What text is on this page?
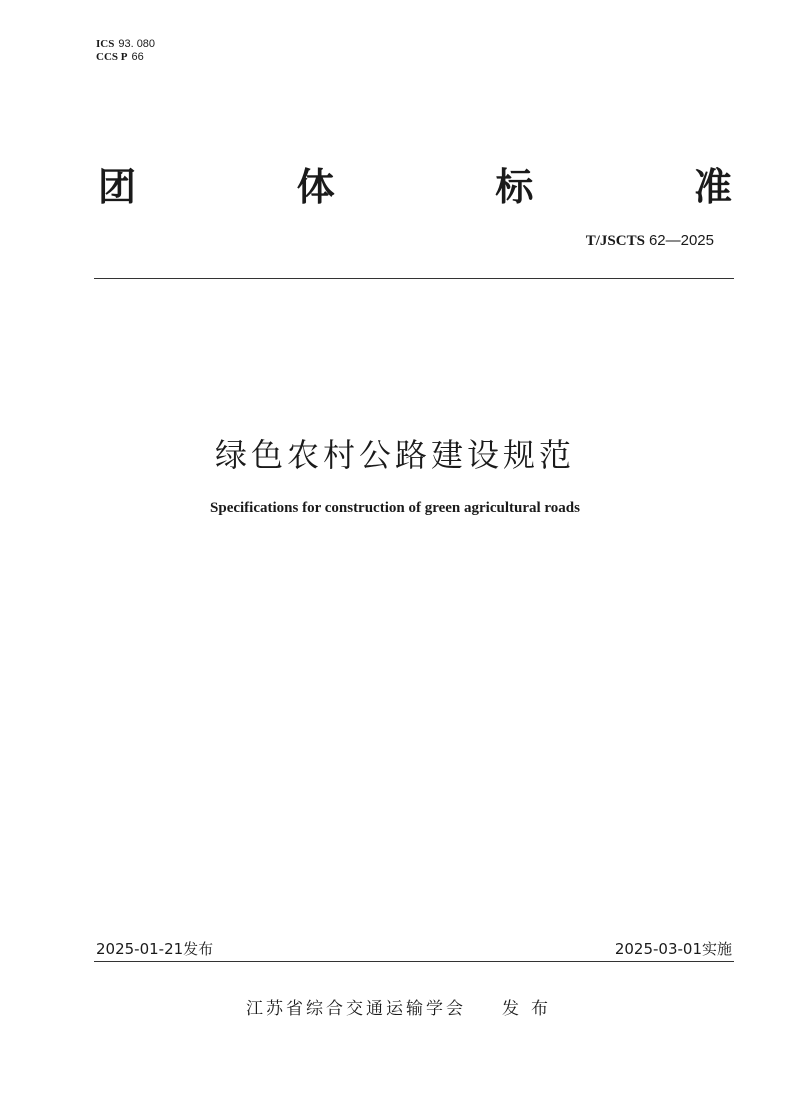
ICS 93. 080
CCS P 66
团	体	标	准
T/JSCTS 62—2025
绿色农村公路建设规范
Specifications for construction of green agricultural roads
2025-01-21发布	2025-03-01实施
江苏省综合交通运输学会 发布
